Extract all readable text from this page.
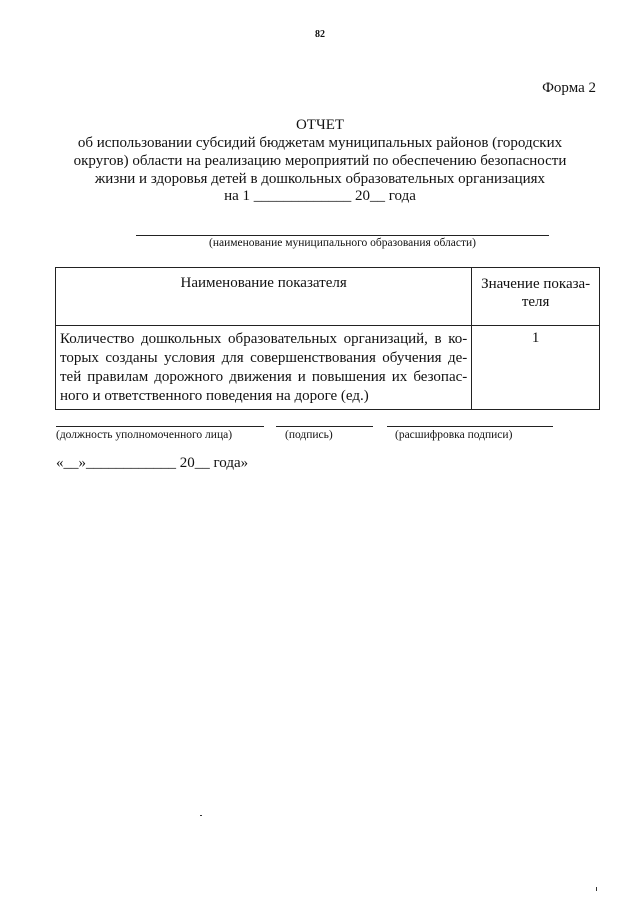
82
Форма 2
ОТЧЕТ
об использовании субсидий бюджетам муниципальных районов (городских
округов) области на реализацию мероприятий по обеспечению безопасности
жизни и здоровья детей в дошкольных образовательных организациях
на 1 _____________ 20__ года
(наименование муниципального образования области)
Наименование показателя	Значение показа-
теля

Количество дошкольных образовательных организаций, в ко-
торых созданы условия для совершенствования обучения де-
тей правилам дорожного движения и повышения их безопас-
ного и ответственного поведения на дороге (ед.)	1
(должность уполномоченного лица)	(подпись)	(расшифровка подписи)
«__»____________ 20__ года»
